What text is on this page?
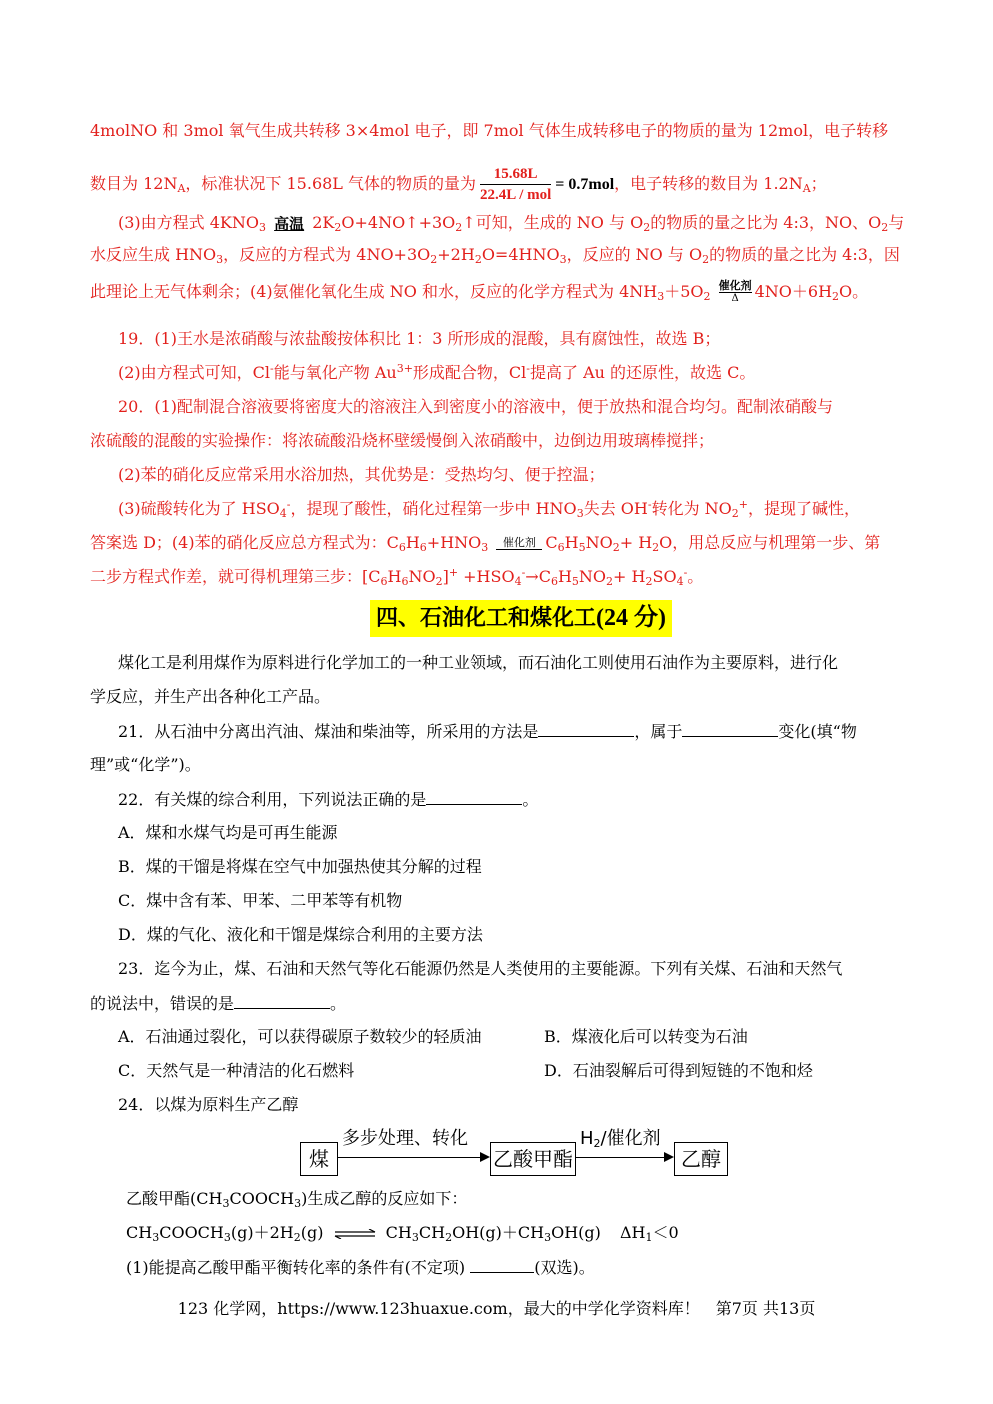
4molNO 和 3mol 氧气生成共转移 3×4mol 电子，即 7mol 气体生成转移电子的物质的量为 12mol，电子转移
数目为 $12N_A$，标准状况下 15.68L 气体的物质的量为 $\frac{15.68L}{\text{22.4L / mol}} = 0.7mol$，电子转移的数目为 $1.2N_A$；
(3)由方程式 $4KNO_3$ 高温 $2K_2O+4NO↑+3O_2↑$可知，生成的 NO 与 $O_2$的物质的量之比为 4:3，NO、$O_2$与
水反应生成 $HNO_3$，反应的方程式为 $4NO+3O_2+2H_2O=4HNO_3$，反应的 NO 与 $O_2$的物质的量之比为 4:3，因
此理论上无气体剩余；(4)氨催化氧化生成 NO 和水，反应的化学方程式为 $4NH_3+5O_2$
催化剂
Δ $4NO+6H_2O$。
19．(1)王水是浓硝酸与浓盐酸按体积比 1：3 所形成的混酸，具有腐蚀性，故选 B；
(2)由方程式可知，Cl-能与氧化产物 $Au^{3+}$形成配合物，Cl-提高了 Au 的还原性，故选 C。
20．(1)配制混合溶液要将密度大的溶液注入到密度小的溶液中，便于放热和混合均匀。配制浓硝酸与
浓硫酸的混酸的实验操作：将浓硫酸沿烧杯壁缓慢倒入浓硝酸中，边倒边用玻璃棒搅拌；
(2)苯的硝化反应常采用水浴加热，其优势是：受热均匀、便于控温；
(3)硫酸转化为了 $HSO_4^-$，提现了酸性，硝化过程第一步中 $HNO_3$失去 OH-转化为 $NO_2^+$，提现了碱性，
答案选 D；(4)苯的硝化反应总方程式为：$C_6H_6+HNO_3$	催化剂 $C_6H_5NO_2+ H_2O$，用总反应与机理第一步、第
二步方程式作差，就可得机理第三步：$[C_6H_6NO_2]^+ +HSO_4^-\to C_6H_5NO_2+ H_2SO_4^-$。
四、石油化工和煤化工(24 分)
煤化工是利用煤作为原料进行化学加工的一种工业领域，而石油化工则使用石油作为主要原料，进行化
学反应，并生产出各种化工产品。
21．从石油中分离出汽油、煤油和柴油等，所采用的方法是	，属于	变化(填“物
理”或“化学”)。
22．有关煤的综合利用，下列说法正确的是	。
A．煤和水煤气均是可再生能源
B．煤的干馏是将煤在空气中加强热使其分解的过程
C．煤中含有苯、甲苯、二甲苯等有机物
D．煤的气化、液化和干馏是煤综合利用的主要方法
23．迄今为止，煤、石油和天然气等化石能源仍然是人类使用的主要能源。下列有关煤、石油和天然气
的说法中，错误的是	。
A．石油通过裂化，可以获得碳原子数较少的轻质油	B．煤液化后可以转变为石油
C．天然气是一种清洁的化石燃料	D．石油裂解后可得到短链的不饱和烃
24．以煤为原料生产乙醇
煤
多步处理、转化
乙酸甲酯
$H_2/$催化剂
乙醇
乙酸甲酯$(CH_3COOCH_3)$生成乙醇的反应如下：
$CH_3COOCH_3(g)+2H_2(g)$ ⇌ $CH_3CH_2OH(g)+CH_3OH(g)$ $\Delta H_1<0$
(1)能提高乙酸甲酯平衡转化率的条件有(不定项)	(双选)。
123 化学网，https://www.123huaxue.com，最大的中学化学资料库！　第7页 共13页
